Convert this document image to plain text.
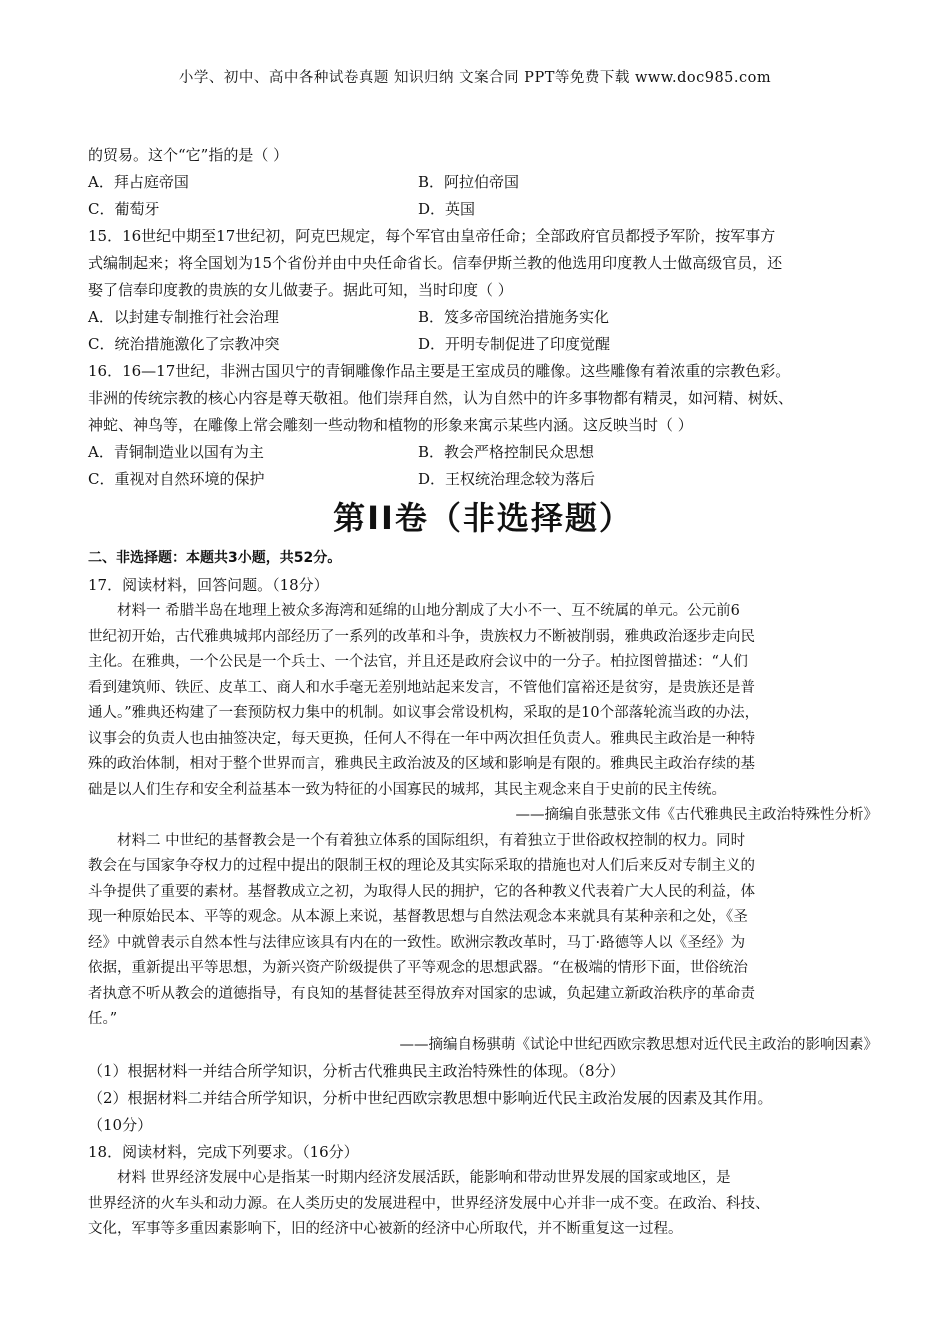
小学、初中、高中各种试卷真题 知识归纳 文案合同 PPT等免费下载 www.doc985.com
的贸易。这个“它”指的是（ ）
A．拜占庭帝国	B．阿拉伯帝国
C．葡萄牙	D．英国
15．16世纪中期至17世纪初，阿克巴规定，每个军官由皇帝任命；全部政府官员都授予军阶，按军事方
式编制起来；将全国划为15个省份并由中央任命省长。信奉伊斯兰教的他选用印度教人士做高级官员，还
娶了信奉印度教的贵族的女儿做妻子。据此可知，当时印度（ ）
A．以封建专制推行社会治理	B．笈多帝国统治措施务实化
C．统治措施激化了宗教冲突	D．开明专制促进了印度觉醒
16．16—17世纪，非洲古国贝宁的青铜雕像作品主要是王室成员的雕像。这些雕像有着浓重的宗教色彩。
非洲的传统宗教的核心内容是尊天敬祖。他们崇拜自然，认为自然中的许多事物都有精灵，如河精、树妖、
神蛇、神鸟等，在雕像上常会雕刻一些动物和植物的形象来寓示某些内涵。这反映当时（ ）
A．青铜制造业以国有为主	B．教会严格控制民众思想
C．重视对自然环境的保护	D．王权统治理念较为落后
第II卷（非选择题）
二、非选择题：本题共3小题，共52分。
17．阅读材料，回答问题。（18分）
材料一 希腊半岛在地理上被众多海湾和延绵的山地分割成了大小不一、互不统属的单元。公元前6
世纪初开始，古代雅典城邦内部经历了一系列的改革和斗争，贵族权力不断被削弱，雅典政治逐步走向民
主化。在雅典，一个公民是一个兵士、一个法官，并且还是政府会议中的一分子。柏拉图曾描述：“人们
看到建筑师、铁匠、皮革工、商人和水手毫无差别地站起来发言，不管他们富裕还是贫穷，是贵族还是普
通人。”雅典还构建了一套预防权力集中的机制。如议事会常设机构，采取的是10个部落轮流当政的办法，
议事会的负责人也由抽签决定，每天更换，任何人不得在一年中两次担任负责人。雅典民主政治是一种特
殊的政治体制，相对于整个世界而言，雅典民主政治波及的区域和影响是有限的。雅典民主政治存续的基
础是以人们生存和安全利益基本一致为特征的小国寡民的城邦，其民主观念来自于史前的民主传统。
——摘编自张慧张文伟《古代雅典民主政治特殊性分析》
材料二 中世纪的基督教会是一个有着独立体系的国际组织，有着独立于世俗政权控制的权力。同时
教会在与国家争夺权力的过程中提出的限制王权的理论及其实际采取的措施也对人们后来反对专制主义的
斗争提供了重要的素材。基督教成立之初，为取得人民的拥护，它的各种教义代表着广大人民的利益，体
现一种原始民本、平等的观念。从本源上来说，基督教思想与自然法观念本来就具有某种亲和之处，《圣
经》中就曾表示自然本性与法律应该具有内在的一致性。欧洲宗教改革时，马丁·路德等人以《圣经》为
依据，重新提出平等思想，为新兴资产阶级提供了平等观念的思想武器。“在极端的情形下面，世俗统治
者执意不听从教会的道德指导，有良知的基督徒甚至得放弃对国家的忠诚，负起建立新政治秩序的革命责
任。”
——摘编自杨骐萌《试论中世纪西欧宗教思想对近代民主政治的影响因素》
（1）根据材料一并结合所学知识，分析古代雅典民主政治特殊性的体现。（8分）
（2）根据材料二并结合所学知识，分析中世纪西欧宗教思想中影响近代民主政治发展的因素及其作用。
（10分）
18．阅读材料，完成下列要求。（16分）
材料 世界经济发展中心是指某一时期内经济发展活跃，能影响和带动世界发展的国家或地区，是
世界经济的火车头和动力源。在人类历史的发展进程中，世界经济发展中心并非一成不变。在政治、科技、
文化，军事等多重因素影响下，旧的经济中心被新的经济中心所取代，并不断重复这一过程。
